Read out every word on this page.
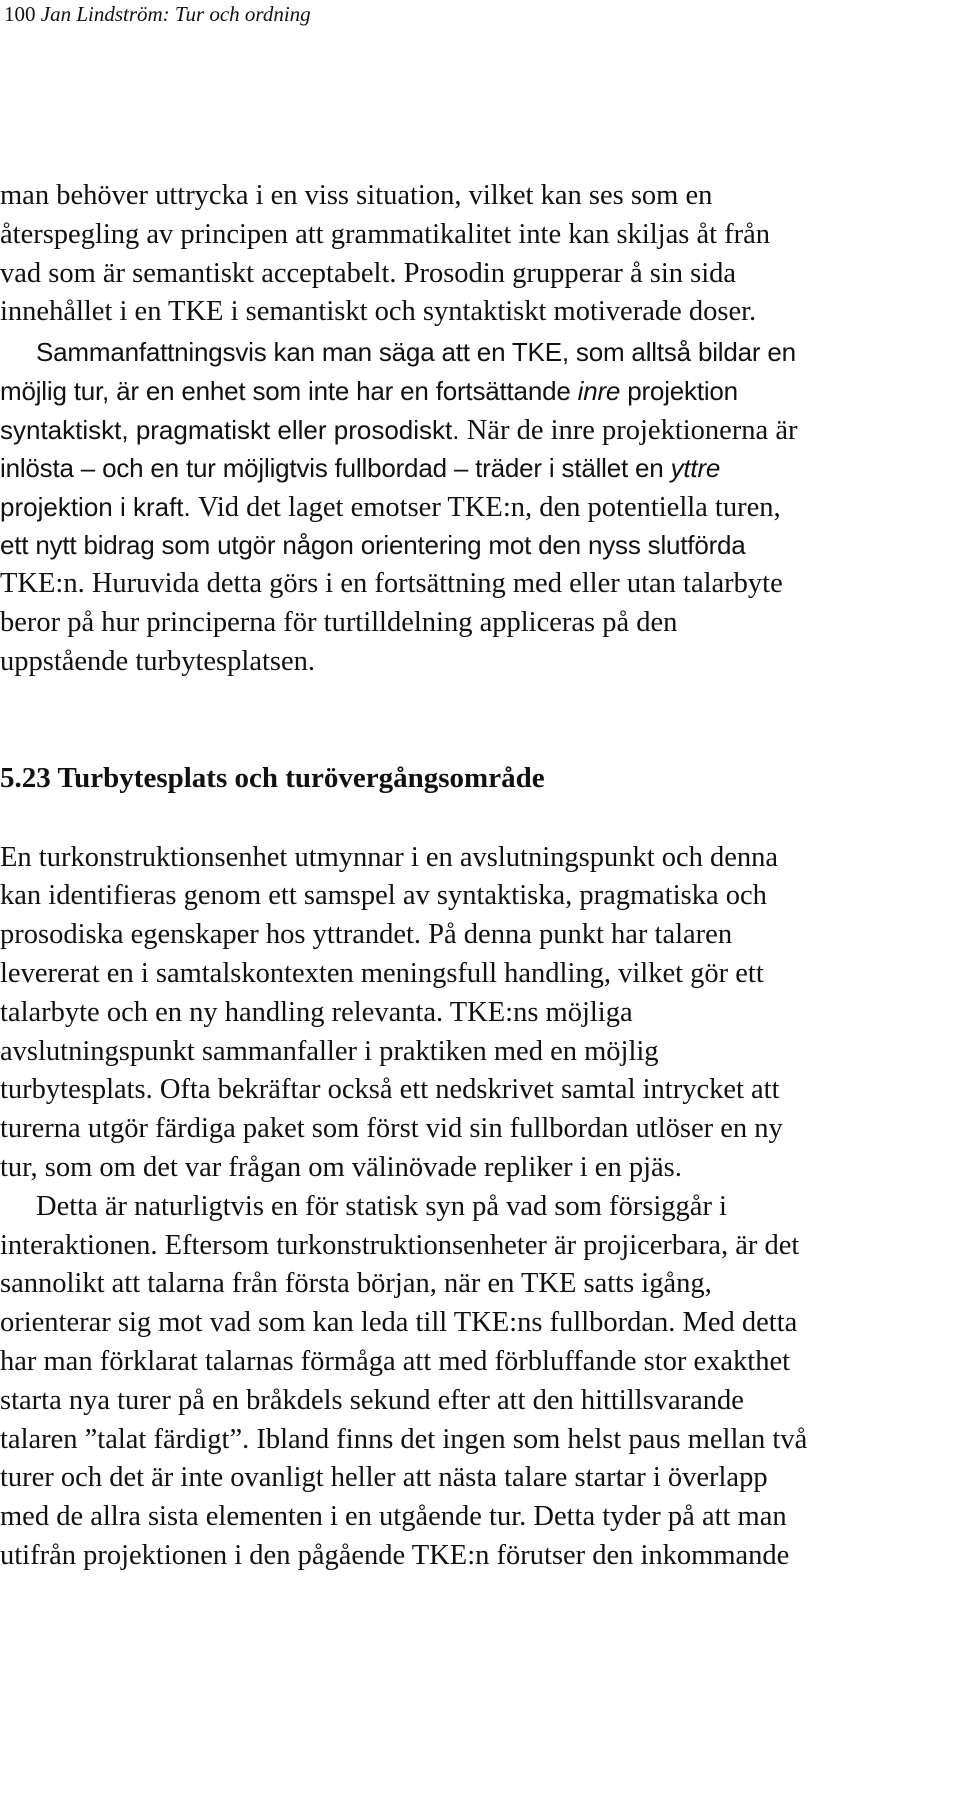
100 Jan Lindström: Tur och ordning
man behöver uttrycka i en viss situation, vilket kan ses som en
återspegling av principen att grammatikalitet inte kan skiljas åt från
vad som är semantiskt acceptabelt. Prosodin grupperar å sin sida
innehållet i en TKE i semantiskt och syntaktiskt motiverade doser.
Sammanfattningsvis kan man säga att en TKE, som alltså bildar en
möjlig tur, är en enhet som inte har en fortsättande inre projektion
syntaktiskt, pragmatiskt eller prosodiskt. När de inre projektionerna är
inlösta – och en tur möjligtvis fullbordad – träder i stället en yttre
projektion i kraft. Vid det laget emotser TKE:n, den potentiella turen,
ett nytt bidrag som utgör någon orientering mot den nyss slutförda
TKE:n. Huruvida detta görs i en fortsättning med eller utan talarbyte
beror på hur principerna för turtilldelning appliceras på den
uppstående turbytesplatsen.
5.23 Turbytesplats och turövergångsområde
En turkonstruktionsenhet utmynnar i en avslutningspunkt och denna
kan identifieras genom ett samspel av syntaktiska, pragmatiska och
prosodiska egenskaper hos yttrandet. På denna punkt har talaren
levererat en i samtalskontexten meningsfull handling, vilket gör ett
talarbyte och en ny handling relevanta. TKE:ns möjliga
avslutningspunkt sammanfaller i praktiken med en möjlig
turbytesplats. Ofta bekräftar också ett nedskrivet samtal intrycket att
turerna utgör färdiga paket som först vid sin fullbordan utlöser en ny
tur, som om det var frågan om välinövade repliker i en pjäs.
Detta är naturligtvis en för statisk syn på vad som försiggår i
interaktionen. Eftersom turkonstruktionsenheter är projicerbara, är det
sannolikt att talarna från första början, när en TKE satts igång,
orienterar sig mot vad som kan leda till TKE:ns fullbordan. Med detta
har man förklarat talarnas förmåga att med förbluffande stor exakthet
starta nya turer på en bråkdels sekund efter att den hittillsvarande
talaren ”talat färdigt”. Ibland finns det ingen som helst paus mellan två
turer och det är inte ovanligt heller att nästa talare startar i överlapp
med de allra sista elementen i en utgående tur. Detta tyder på att man
utifrån projektionen i den pågående TKE:n förutser den inkommande
